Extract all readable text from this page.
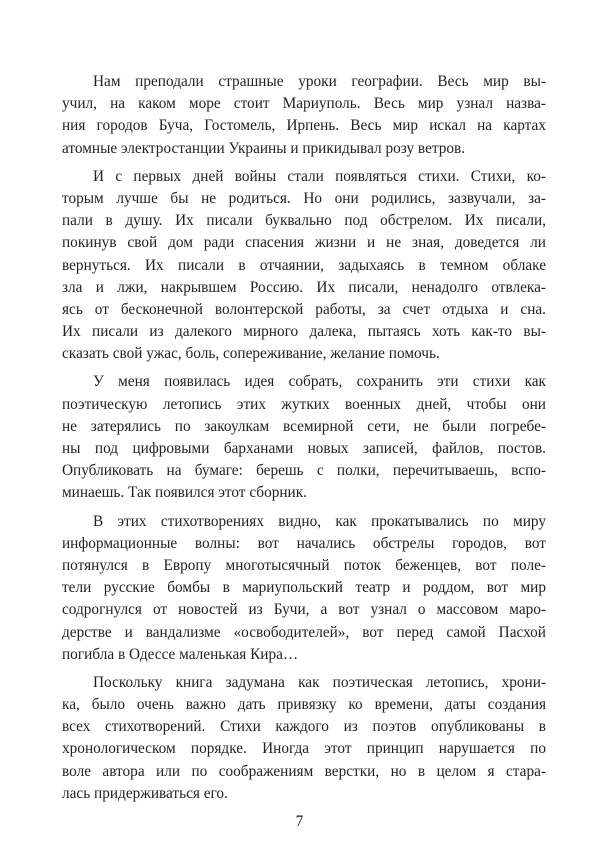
Нам преподали страшные уроки географии. Весь мир вы-
учил, на каком море стоит Мариуполь. Весь мир узнал назва-
ния городов Буча, Гостомель, Ирпень. Весь мир искал на картах
атомные электростанции Украины и прикидывал розу ветров.
И с первых дней войны стали появляться стихи. Стихи, ко-
торым лучше бы не родиться. Но они родились, зазвучали, за-
пали в душу. Их писали буквально под обстрелом. Их писали,
покинув свой дом ради спасения жизни и не зная, доведется ли
вернуться. Их писали в отчаянии, задыхаясь в темном облаке
зла и лжи, накрывшем Россию. Их писали, ненадолго отвлека-
ясь от бесконечной волонтерской работы, за счет отдыха и сна.
Их писали из далекого мирного далека, пытаясь хоть как-то вы-
сказать свой ужас, боль, сопереживание, желание помочь.
У меня появилась идея собрать, сохранить эти стихи как
поэтическую летопись этих жутких военных дней, чтобы они
не затерялись по закоулкам всемирной сети, не были погребе-
ны под цифровыми барханами новых записей, файлов, постов.
Опубликовать на бумаге: берешь с полки, перечитываешь, вспо-
минаешь. Так появился этот сборник.
В этих стихотворениях видно, как прокатывались по миру
информационные волны: вот начались обстрелы городов, вот
потянулся в Европу многотысячный поток беженцев, вот поле-
тели русские бомбы в мариупольский театр и роддом, вот мир
содрогнулся от новостей из Бучи, а вот узнал о массовом маро-
дерстве и вандализме «освободителей», вот перед самой Пасхой
погибла в Одессе маленькая Кира…
Поскольку книга задумана как поэтическая летопись, хрони-
ка, было очень важно дать привязку ко времени, даты создания
всех стихотворений. Стихи каждого из поэтов опубликованы в
хронологическом порядке. Иногда этот принцип нарушается по
воле автора или по соображениям верстки, но в целом я стара-
лась придерживаться его.
7
